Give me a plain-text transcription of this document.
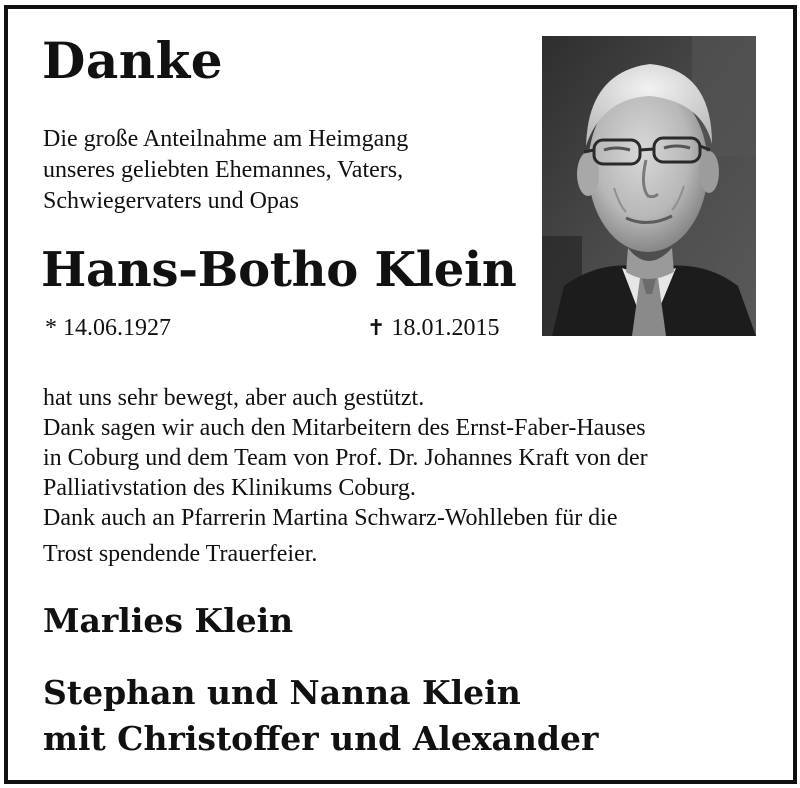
Danke
Die große Anteilnahme am Heimgang
unseres geliebten Ehemannes, Vaters,
Schwiegervaters und Opas
Hans-Botho Klein
* 14.06.1927	✝ 18.01.2015
hat uns sehr bewegt, aber auch gestützt.
Dank sagen wir auch den Mitarbeitern des Ernst-Faber-Hauses
in Coburg und dem Team von Prof. Dr. Johannes Kraft von der
Palliativstation des Klinikums Coburg.
Dank auch an Pfarrerin Martina Schwarz-Wohlleben für die
Trost spendende Trauerfeier.
Marlies Klein
Stephan und Nanna Klein
mit Christoffer und Alexander
